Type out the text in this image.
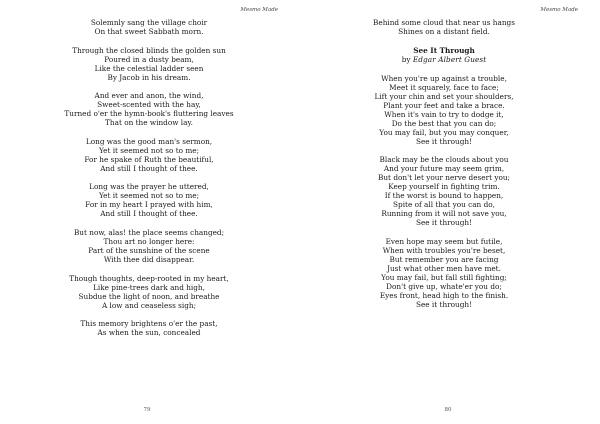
Mesmo Made
Solemnly sang the village choir
On that sweet Sabbath morn.
Through the closed blinds the golden sun
Poured in a dusty beam,
Like the celestial ladder seen
By Jacob in his dream.
And ever and anon, the wind,
Sweet-scented with the hay,
Turned o'er the hymn-book's fluttering leaves
That on the window lay.
Long was the good man's sermon,
Yet it seemed not so to me;
For he spake of Ruth the beautiful,
And still I thought of thee.
Long was the prayer he uttered,
Yet it seemed not so to me;
For in my heart I prayed with him,
And still I thought of thee.
But now, alas! the place seems changed;
Thou art no longer here:
Part of the sunshine of the scene
With thee did disappear.
Though thoughts, deep-rooted in my heart,
Like pine-trees dark and high,
Subdue the light of noon, and breathe
A low and ceaseless sigh;
This memory brightens o'er the past,
As when the sun, concealed
79
Mesmo Made
Behind some cloud that near us hangs
Shines on a distant field.
See It Through
by Edgar Albert Guest
When you're up against a trouble,
Meet it squarely, face to face;
Lift your chin and set your shoulders,
Plant your feet and take a brace.
When it's vain to try to dodge it,
Do the best that you can do;
You may fail, but you may conquer,
See it through!
Black may be the clouds about you
And your future may seem grim,
But don't let your nerve desert you;
Keep yourself in fighting trim.
If the worst is bound to happen,
Spite of all that you can do,
Running from it will not save you,
See it through!
Even hope may seem but futile,
When with troubles you're beset,
But remember you are facing
Just what other men have met.
You may fail, but fall still fighting;
Don't give up, whate'er you do;
Eyes front, head high to the finish.
See it through!
80
